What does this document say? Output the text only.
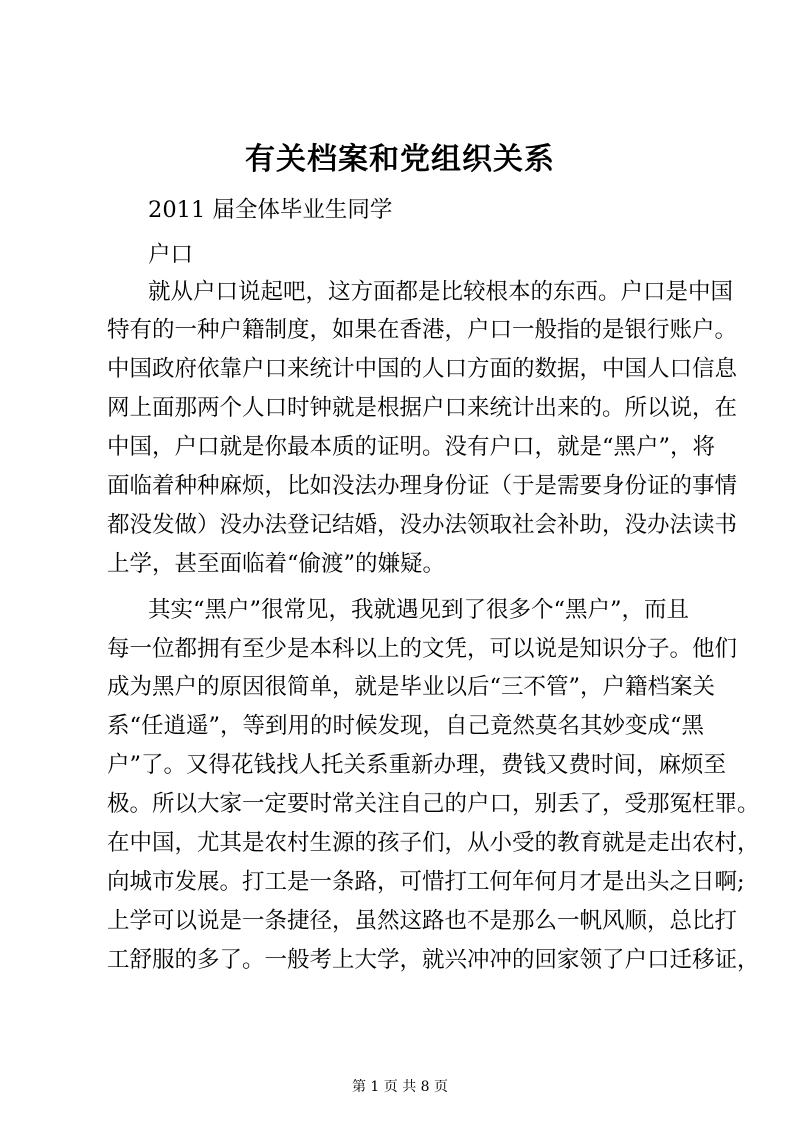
有关档案和党组织关系
2011 届全体毕业生同学
户口
就从户口说起吧，这方面都是比较根本的东西。户口是中国
特有的一种户籍制度，如果在香港，户口一般指的是银行账户。
中国政府依靠户口来统计中国的人口方面的数据，中国人口信息
网上面那两个人口时钟就是根据户口来统计出来的。所以说，在
中国，户口就是你最本质的证明。没有户口，就是“黑户”，将
面临着种种麻烦，比如没法办理身份证（于是需要身份证的事情
都没发做）没办法登记结婚，没办法领取社会补助，没办法读书
上学，甚至面临着“偷渡”的嫌疑。
其实“黑户”很常见，我就遇见到了很多个“黑户”，而且
每一位都拥有至少是本科以上的文凭，可以说是知识分子。他们
成为黑户的原因很简单，就是毕业以后“三不管”，户籍档案关
系“任逍遥”，等到用的时候发现，自己竟然莫名其妙变成“黑
户”了。又得花钱找人托关系重新办理，费钱又费时间，麻烦至
极。所以大家一定要时常关注自己的户口，别丢了，受那冤枉罪。
在中国，尤其是农村生源的孩子们，从小受的教育就是走出农村，
向城市发展。打工是一条路，可惜打工何年何月才是出头之日啊;
上学可以说是一条捷径，虽然这路也不是那么一帆风顺，总比打
工舒服的多了。一般考上大学，就兴冲冲的回家领了户口迁移证，
第 1 页 共 8 页
